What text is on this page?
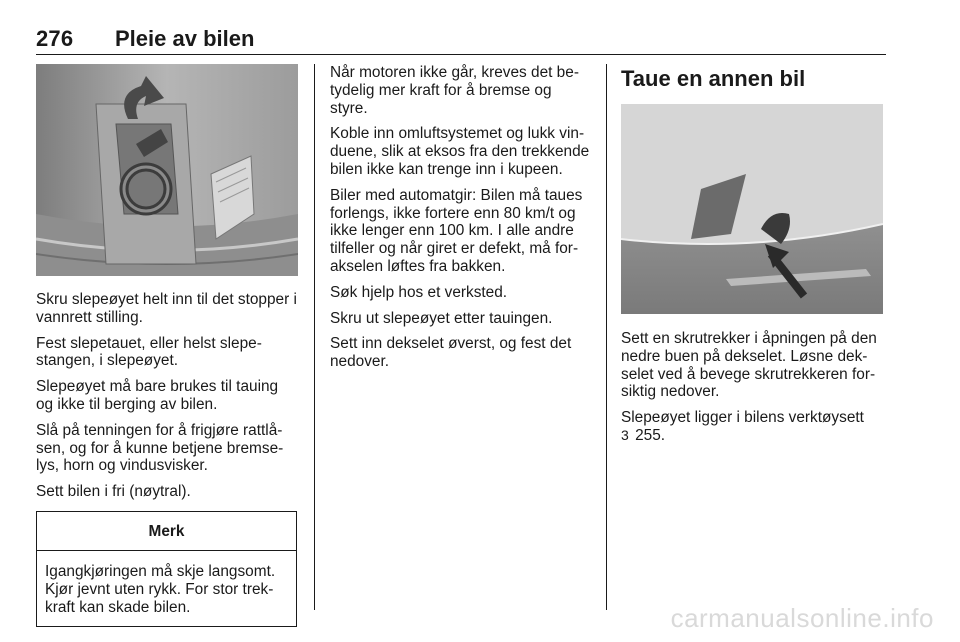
276 Pleie av bilen

Skru slepeøyet helt inn til det stopper i vannrett stilling.

Fest slepetauet, eller helst slepestangen, i slepeøyet.

Slepeøyet må bare brukes til tauing og ikke til berging av bilen.

Slå på tenningen for å frigjøre rattlåsen, og for å kunne betjene bremselys, horn og vindusvisker.

Sett bilen i fri (nøytral).

Merk
Igangkjøringen må skje langsomt. Kjør jevnt uten rykk. For stor trekkraft kan skade bilen.

Når motoren ikke går, kreves det betydelig mer kraft for å bremse og styre.

Koble inn omluftsystemet og lukk vinduene, slik at eksos fra den trekkende bilen ikke kan trenge inn i kupeen.

Biler med automatgir: Bilen må taues forlengs, ikke fortere enn 80 km/t og ikke lenger enn 100 km. I alle andre tilfeller og når giret er defekt, må forakselen løftes fra bakken.

Søk hjelp hos et verksted.

Skru ut slepeøyet etter tauingen.

Sett inn dekselet øverst, og fest det nedover.

Taue en annen bil

Sett en skrutrekker i åpningen på den nedre buen på dekselet. Løsne dekselet ved å bevege skrutrekkeren forsiktig nedover.

Slepeøyet ligger i bilens verktøysett
3 255.

carmanualsonline.info
